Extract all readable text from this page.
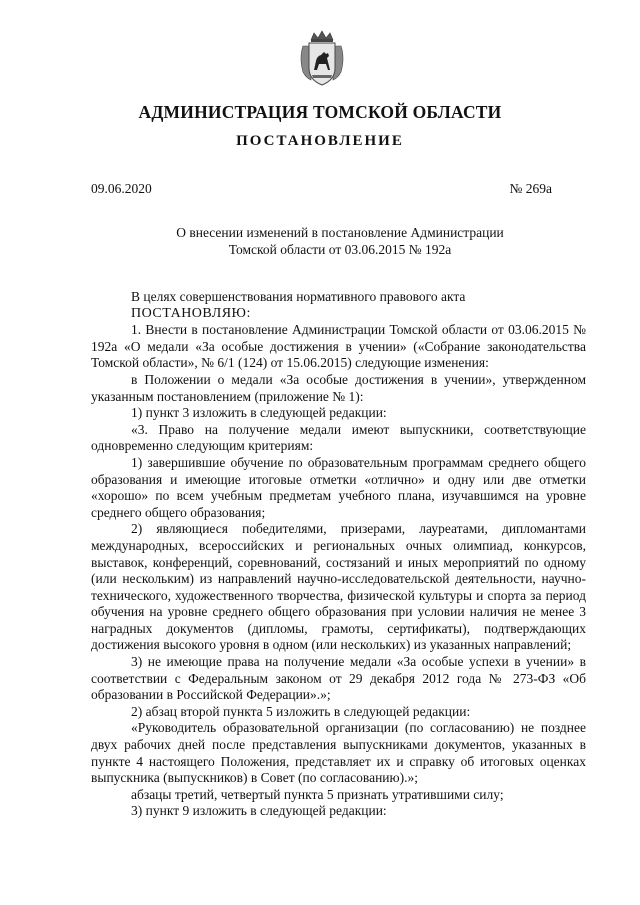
АДМИНИСТРАЦИЯ ТОМСКОЙ ОБЛАСТИ
ПОСТАНОВЛЕНИЕ
09.06.2020	№ 269а
О внесении изменений в постановление Администрации
Томской области от 03.06.2015 № 192а

В целях совершенствования нормативного правового акта

ПОСТАНОВЛЯЮ:

1. Внести в постановление Администрации Томской области от 03.06.2015 № 192а «О медали «За особые достижения в учении» («Собрание законодательства Томской области», № 6/1 (124) от 15.06.2015) следующие изменения:

в Положении о медали «За особые достижения в учении», утвержденном указанным постановлением (приложение № 1):

1) пункт 3 изложить в следующей редакции:

«3. Право на получение медали имеют выпускники, соответствующие одновременно следующим критериям:

1) завершившие обучение по образовательным программам среднего общего образования и имеющие итоговые отметки «отлично» и одну или две отметки «хорошо» по всем учебным предметам учебного плана, изучавшимся на уровне среднего общего образования;

2) являющиеся победителями, призерами, лауреатами, дипломантами международных, всероссийских и региональных очных олимпиад, конкурсов, выставок, конференций, соревнований, состязаний и иных мероприятий по одному (или нескольким) из направлений научно-исследовательской деятельности, научно-технического, художественного творчества, физической культуры и спорта за период обучения на уровне среднего общего образования при условии наличия не менее 3 наградных документов (дипломы, грамоты, сертификаты), подтверждающих достижения высокого уровня в одном (или нескольких) из указанных направлений;

3) не имеющие права на получение медали «За особые успехи в учении» в соответствии с Федеральным законом от 29 декабря 2012 года № 273-ФЗ «Об образовании в Российской Федерации».»;

2) абзац второй пункта 5 изложить в следующей редакции:

«Руководитель образовательной организации (по согласованию) не позднее двух рабочих дней после представления выпускниками документов, указанных в пункте 4 настоящего Положения, представляет их и справку об итоговых оценках выпускника (выпускников) в Совет (по согласованию).»;

абзацы третий, четвертый пункта 5 признать утратившими силу;

3) пункт 9 изложить в следующей редакции:
